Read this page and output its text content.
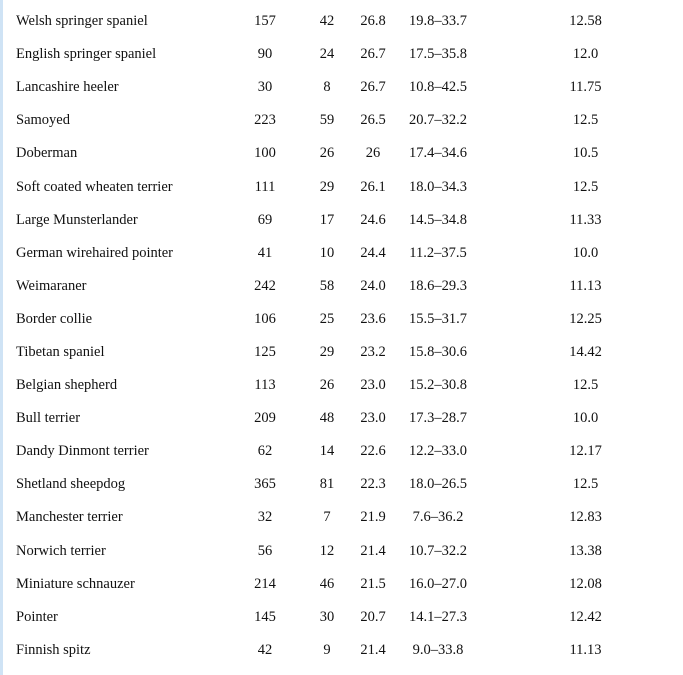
Welsh springer spaniel	157	42	26.8	19.8–33.7	12.58
English springer spaniel	90	24	26.7	17.5–35.8	12.0
Lancashire heeler	30	8	26.7	10.8–42.5	11.75
Samoyed	223	59	26.5	20.7–32.2	12.5
Doberman	100	26	26	17.4–34.6	10.5
Soft coated wheaten terrier	111	29	26.1	18.0–34.3	12.5
Large Munsterlander	69	17	24.6	14.5–34.8	11.33
German wirehaired pointer	41	10	24.4	11.2–37.5	10.0
Weimaraner	242	58	24.0	18.6–29.3	11.13
Border collie	106	25	23.6	15.5–31.7	12.25
Tibetan spaniel	125	29	23.2	15.8–30.6	14.42
Belgian shepherd	113	26	23.0	15.2–30.8	12.5
Bull terrier	209	48	23.0	17.3–28.7	10.0
Dandy Dinmont terrier	62	14	22.6	12.2–33.0	12.17
Shetland sheepdog	365	81	22.3	18.0–26.5	12.5
Manchester terrier	32	7	21.9	7.6–36.2	12.83
Norwich terrier	56	12	21.4	10.7–32.2	13.38
Miniature schnauzer	214	46	21.5	16.0–27.0	12.08
Pointer	145	30	20.7	14.1–27.3	12.42
Finnish spitz	42	9	21.4	9.0–33.8	11.13
